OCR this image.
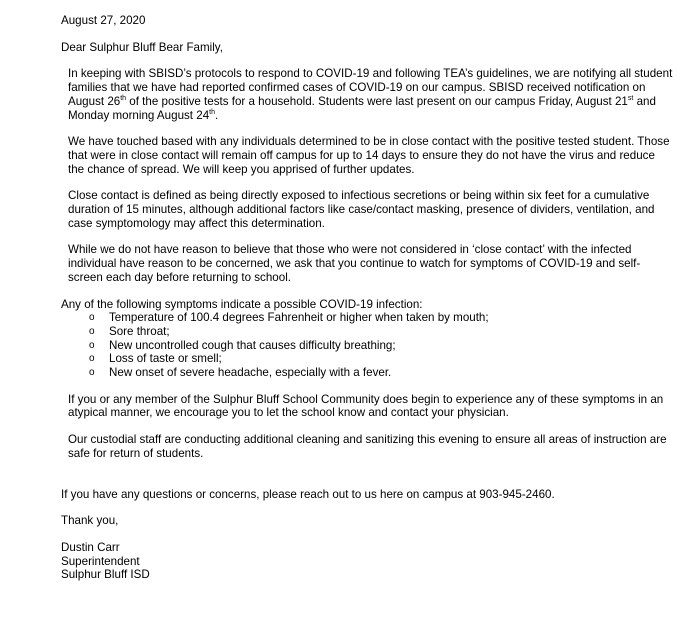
August 27, 2020
Dear Sulphur Bluff Bear Family,
In keeping with SBISD’s protocols to respond to COVID-19 and following TEA’s guidelines, we are notifying all student families that we have had reported confirmed cases of COVID-19 on our campus. SBISD received notification on August 26th of the positive tests for a household. Students were last present on our campus Friday, August 21st and Monday morning August 24th.
We have touched based with any individuals determined to be in close contact with the positive tested student. Those that were in close contact will remain off campus for up to 14 days to ensure they do not have the virus and reduce the chance of spread. We will keep you apprised of further updates.
Close contact is defined as being directly exposed to infectious secretions or being within six feet for a cumulative duration of 15 minutes, although additional factors like case/contact masking, presence of dividers, ventilation, and case symptomology may affect this determination.
While we do not have reason to believe that those who were not considered in ‘close contact’ with the infected individual have reason to be concerned, we ask that you continue to watch for symptoms of COVID-19 and self-screen each day before returning to school.
Any of the following symptoms indicate a possible COVID-19 infection:
o Temperature of 100.4 degrees Fahrenheit or higher when taken by mouth;
o Sore throat;
o New uncontrolled cough that causes difficulty breathing;
o Loss of taste or smell;
o New onset of severe headache, especially with a fever.
If you or any member of the Sulphur Bluff School Community does begin to experience any of these symptoms in an atypical manner, we encourage you to let the school know and contact your physician.
Our custodial staff are conducting additional cleaning and sanitizing this evening to ensure all areas of instruction are safe for return of students.
If you have any questions or concerns, please reach out to us here on campus at 903-945-2460.
Thank you,
Dustin Carr
Superintendent
Sulphur Bluff ISD
